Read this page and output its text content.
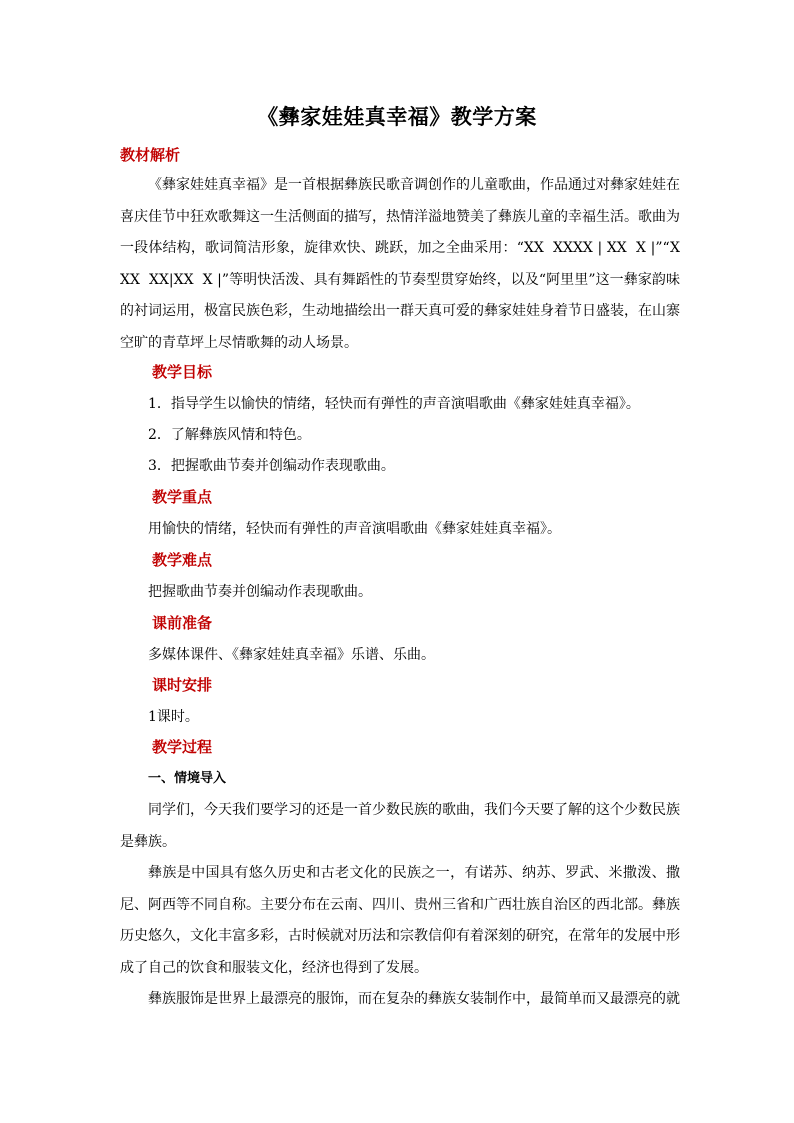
《彝家娃娃真幸福》教学方案
教材解析
《彝家娃娃真幸福》是一首根据彝族民歌音调创作的儿童歌曲，作品通过对彝家娃娃在喜庆佳节中狂欢歌舞这一生活侧面的描写，热情洋溢地赞美了彝族儿童的幸福生活。歌曲为一段体结构，歌词简洁形象，旋律欢快、跳跃，加之全曲采用：“XX  XXXX | XX  X |”“XXX  XX|XX  X |”等明快活泼、具有舞蹈性的节奏型贯穿始终，以及“阿里里”这一彝家韵味的衬词运用，极富民族色彩，生动地描绘出一群天真可爱的彝家娃娃身着节日盛装，在山寨空旷的青草坪上尽情歌舞的动人场景。
教学目标
1．指导学生以愉快的情绪，轻快而有弹性的声音演唱歌曲《彝家娃娃真幸福》。
2．了解彝族风情和特色。
3．把握歌曲节奏并创编动作表现歌曲。
教学重点
用愉快的情绪，轻快而有弹性的声音演唱歌曲《彝家娃娃真幸福》。
教学难点
把握歌曲节奏并创编动作表现歌曲。
课前准备
多媒体课件、《彝家娃娃真幸福》乐谱、乐曲。
课时安排
1课时。
教学过程
一、情境导入
同学们，今天我们要学习的还是一首少数民族的歌曲，我们今天要了解的这个少数民族是彝族。
彝族是中国具有悠久历史和古老文化的民族之一，有诺苏、纳苏、罗武、米撒泼、撒尼、阿西等不同自称。主要分布在云南、四川、贵州三省和广西壮族自治区的西北部。彝族历史悠久，文化丰富多彩，古时候就对历法和宗教信仰有着深刻的研究，在常年的发展中形成了自己的饮食和服装文化，经济也得到了发展。
彝族服饰是世界上最漂亮的服饰，而在复杂的彝族女装制作中，最简单而又最漂亮的就
